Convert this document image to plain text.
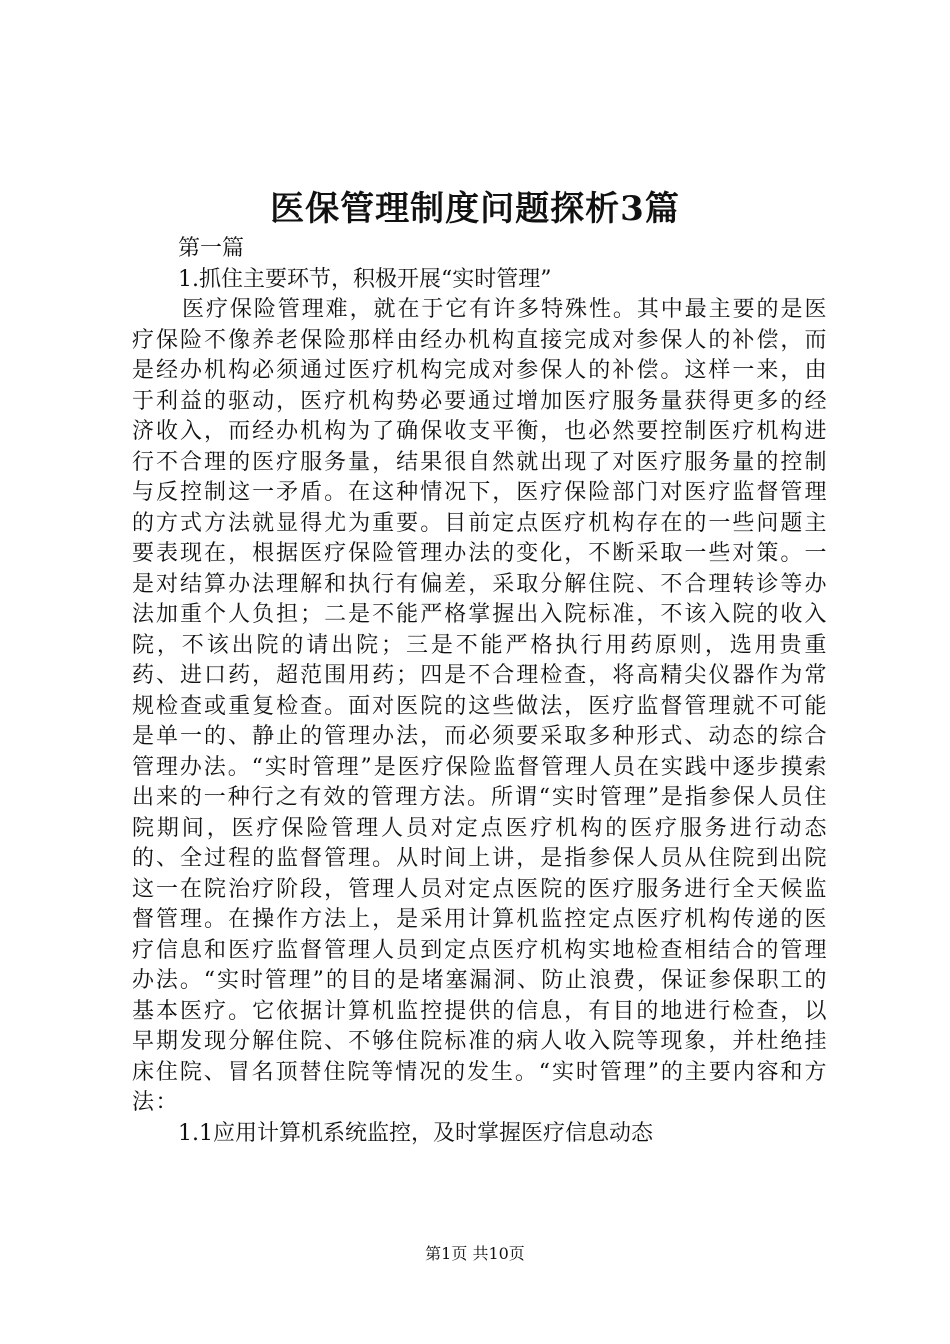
医保管理制度问题探析3篇
第一篇
1.抓住主要环节，积极开展“实时管理”

医疗保险管理难，就在于它有许多特殊性。其中最主要的是医疗保险不像养老保险那样由经办机构直接完成对参保人的补偿，而是经办机构必须通过医疗机构完成对参保人的补偿。这样一来，由于利益的驱动，医疗机构势必要通过增加医疗服务量获得更多的经济收入，而经办机构为了确保收支平衡，也必然要控制医疗机构进行不合理的医疗服务量，结果很自然就出现了对医疗服务量的控制与反控制这一矛盾。在这种情况下，医疗保险部门对医疗监督管理的方式方法就显得尤为重要。目前定点医疗机构存在的一些问题主要表现在，根据医疗保险管理办法的变化，不断采取一些对策。一是对结算办法理解和执行有偏差，采取分解住院、不合理转诊等办法加重个人负担；二是不能严格掌握出入院标准，不该入院的收入院，不该出院的请出院；三是不能严格执行用药原则，选用贵重药、进口药，超范围用药；四是不合理检查，将高精尖仪器作为常规检查或重复检查。面对医院的这些做法，医疗监督管理就不可能是单一的、静止的管理办法，而必须要采取多种形式、动态的综合管理办法。“实时管理”是医疗保险监督管理人员在实践中逐步摸索出来的一种行之有效的管理方法。所谓“实时管理”是指参保人员住院期间，医疗保险管理人员对定点医疗机构的医疗服务进行动态的、全过程的监督管理。从时间上讲，是指参保人员从住院到出院这一在院治疗阶段，管理人员对定点医院的医疗服务进行全天候监督管理。在操作方法上，是采用计算机监控定点医疗机构传递的医疗信息和医疗监督管理人员到定点医疗机构实地检查相结合的管理办法。“实时管理”的目的是堵塞漏洞、防止浪费，保证参保职工的基本医疗。它依据计算机监控提供的信息，有目的地进行检查，以早期发现分解住院、不够住院标准的病人收入院等现象，并杜绝挂床住院、冒名顶替住院等情况的发生。“实时管理”的主要内容和方法：

1.1应用计算机系统监控，及时掌握医疗信息动态
第1页 共10页
